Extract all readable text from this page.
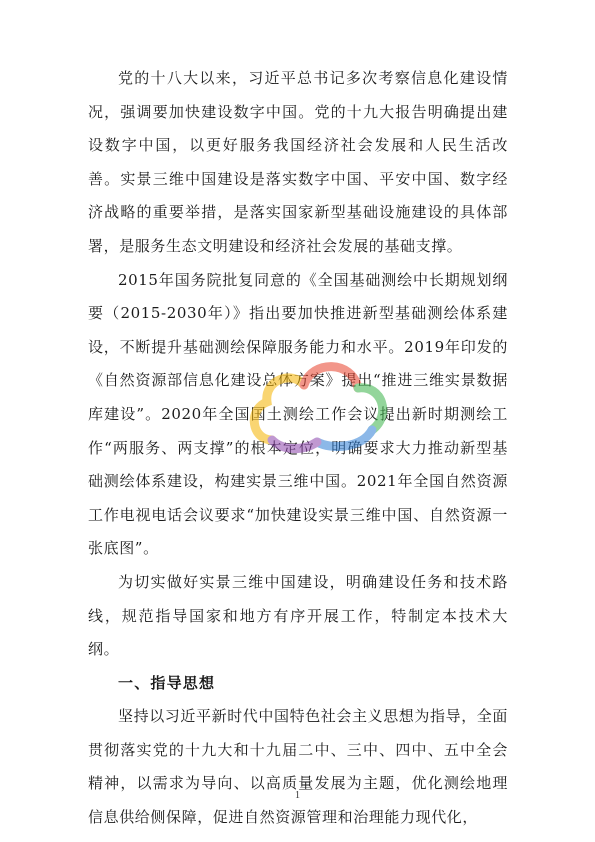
党的十八大以来，习近平总书记多次考察信息化建设情况，强调要加快建设数字中国。党的十九大报告明确提出建设数字中国，以更好服务我国经济社会发展和人民生活改善。实景三维中国建设是落实数字中国、平安中国、数字经济战略的重要举措，是落实国家新型基础设施建设的具体部署，是服务生态文明建设和经济社会发展的基础支撑。

2015年国务院批复同意的《全国基础测绘中长期规划纲要（2015-2030年）》指出要加快推进新型基础测绘体系建设，不断提升基础测绘保障服务能力和水平。2019年印发的《自然资源部信息化建设总体方案》提出“推进三维实景数据库建设”。2020年全国国土测绘工作会议提出新时期测绘工作“两服务、两支撑”的根本定位，明确要求大力推动新型基础测绘体系建设，构建实景三维中国。2021年全国自然资源工作电视电话会议要求“加快建设实景三维中国、自然资源一张底图”。

为切实做好实景三维中国建设，明确建设任务和技术路线，规范指导国家和地方有序开展工作，特制定本技术大纲。

一、指导思想

坚持以习近平新时代中国特色社会主义思想为指导，全面贯彻落实党的十九大和十九届二中、三中、四中、五中全会精神，以需求为导向、以高质量发展为主题，优化测绘地理信息供给侧保障，促进自然资源管理和治理能力现代化，

1
